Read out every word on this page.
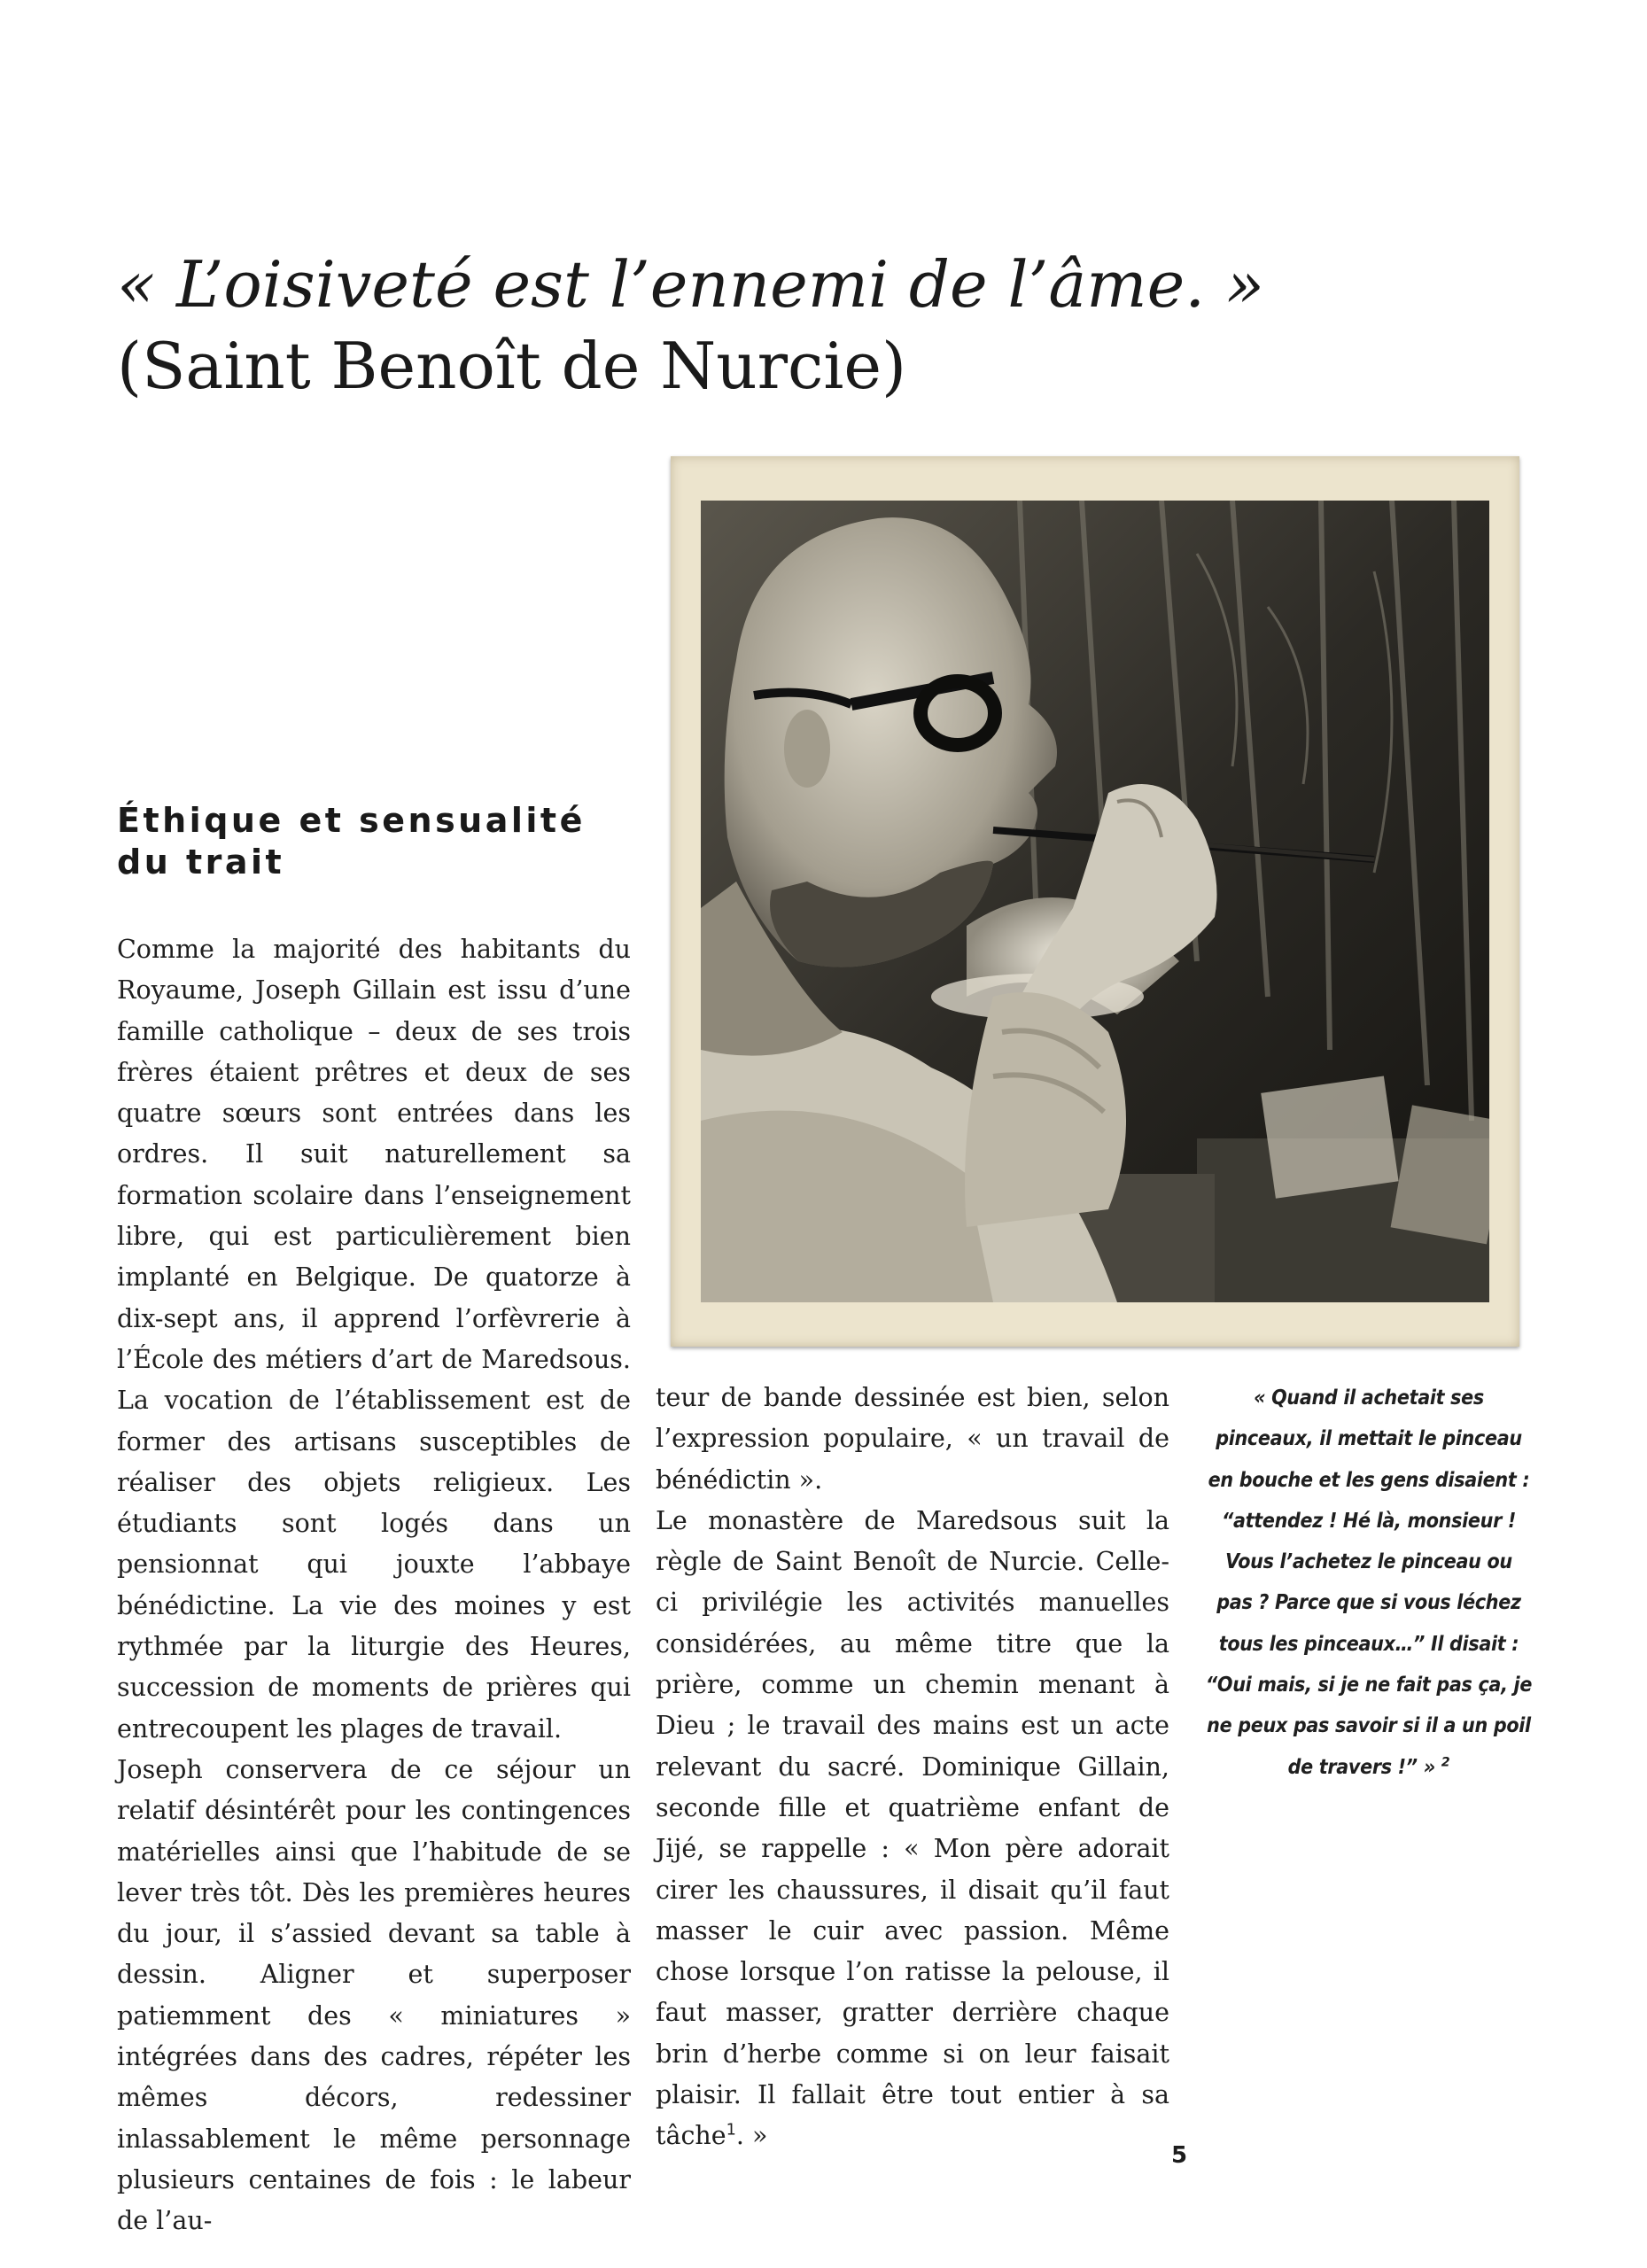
« L’oisiveté est l’ennemi de l’âme. »
(Saint Benoît de Nurcie)
Éthique et sensualité
du trait

Comme la majorité des habitants du Royaume, Joseph Gillain est issu d’une famille catholique – deux de ses trois frères étaient prêtres et deux de ses quatre sœurs sont entrées dans les ordres. Il suit naturellement sa formation scolaire dans l’enseignement libre, qui est particulièrement bien implanté en Belgique. De quatorze à dix-sept ans, il apprend l’orfèvrerie à l’École des métiers d’art de Maredsous. La vocation de l’établissement est de former des artisans susceptibles de réaliser des objets religieux. Les étudiants sont logés dans un pensionnat qui jouxte l’abbaye bénédictine. La vie des moines y est rythmée par la liturgie des Heures, succession de moments de prières qui entrecoupent les plages de travail.

Joseph conservera de ce séjour un relatif désintérêt pour les contingences matérielles ainsi que l’habitude de se lever très tôt. Dès les premières heures du jour, il s’assied devant sa table à dessin. Aligner et superposer patiemment des « miniatures » intégrées dans des cadres, répéter les mêmes décors, redessiner inlassablement le même personnage plusieurs centaines de fois : le labeur de l’au-

teur de bande dessinée est bien, selon l’expression populaire, « un travail de bénédictin ».

Le monastère de Maredsous suit la règle de Saint Benoît de Nurcie. Celle-ci privilégie les activités manuelles considérées, au même titre que la prière, comme un chemin menant à Dieu ; le travail des mains est un acte relevant du sacré. Dominique Gillain, seconde fille et quatrième enfant de Jijé, se rappelle : « Mon père adorait cirer les chaussures, il disait qu’il faut masser le cuir avec passion. Même chose lorsque l’on ratisse la pelouse, il faut masser, gratter derrière chaque brin d’herbe comme si on leur faisait plaisir. Il fallait être tout entier à sa tâche$^1$. »

« Quand il achetait ses pinceaux, il mettait le pinceau en bouche et les gens disaient : “attendez ! Hé là, monsieur ! Vous l’achetez le pinceau ou pas ? Parce que si vous léchez tous les pinceaux…” Il disait : “Oui mais, si je ne fait pas ça, je ne peux pas savoir si il a un poil de travers !” » $^2$
5
